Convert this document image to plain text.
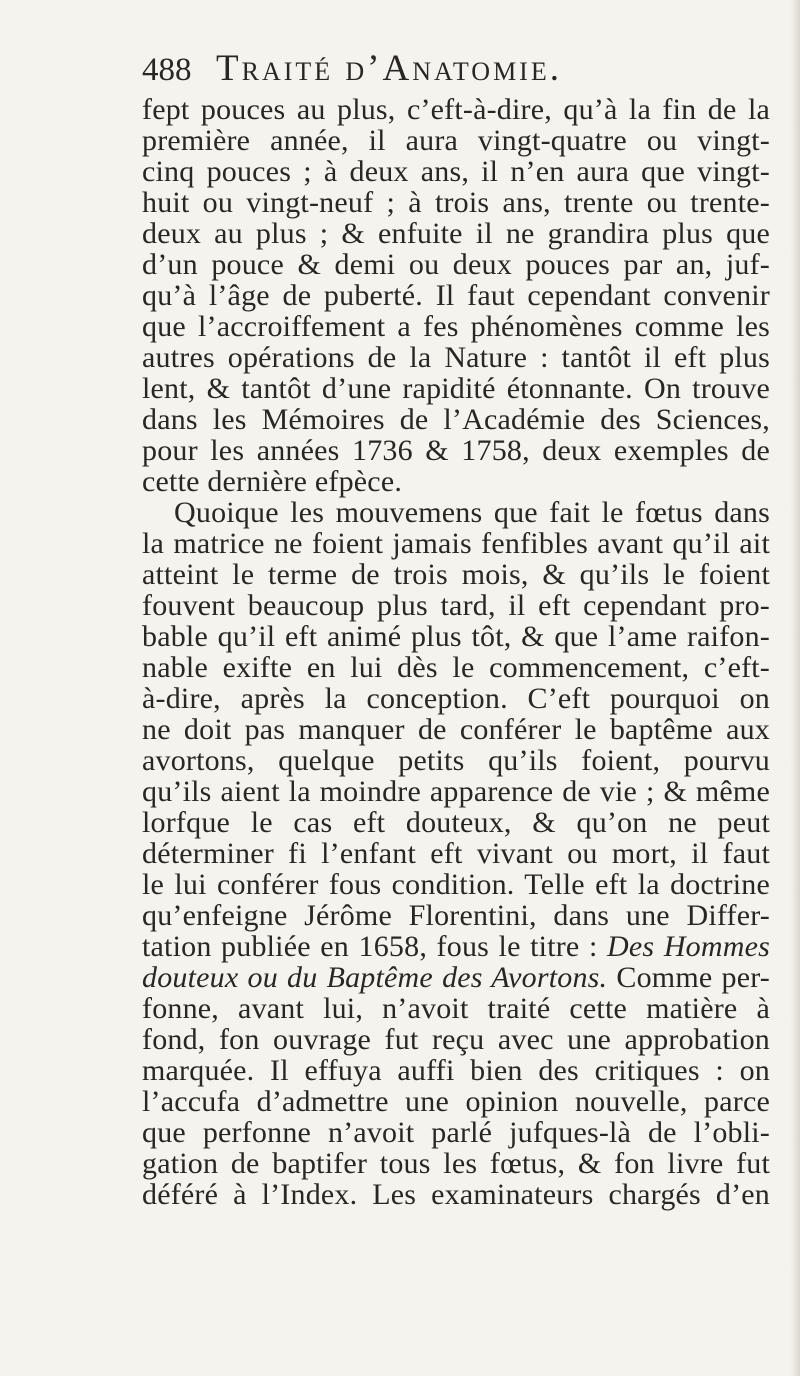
488 Traité d’Anatomie.
fept pouces au plus, c’eft-à-dire, qu’à la fin de la
première année, il aura vingt-quatre ou vingt-
cinq pouces ; à deux ans, il n’en aura que vingt-
huit ou vingt-neuf ; à trois ans, trente ou trente-
deux au plus ; & enfuite il ne grandira plus que
d’un pouce & demi ou deux pouces par an, juf-
qu’à l’âge de puberté. Il faut cependant convenir
que l’accroiffement a fes phénomènes comme les
autres opérations de la Nature : tantôt il eft plus
lent, & tantôt d’une rapidité étonnante. On trouve
dans les Mémoires de l’Académie des Sciences,
pour les années 1736 & 1758, deux exemples de
cette dernière efpèce.
Quoique les mouvemens que fait le fœtus dans
la matrice ne foient jamais fenfibles avant qu’il ait
atteint le terme de trois mois, & qu’ils le foient
fouvent beaucoup plus tard, il eft cependant pro-
bable qu’il eft animé plus tôt, & que l’ame raifon-
nable exifte en lui dès le commencement, c’eft-
à-dire, après la conception. C’eft pourquoi on
ne doit pas manquer de conférer le baptême aux
avortons, quelque petits qu’ils foient, pourvu
qu’ils aient la moindre apparence de vie ; & même
lorfque le cas eft douteux, & qu’on ne peut
déterminer fi l’enfant eft vivant ou mort, il faut
le lui conférer fous condition. Telle eft la doctrine
qu’enfeigne Jérôme Florentini, dans une Differ-
tation publiée en 1658, fous le titre : Des Hommes
douteux ou du Baptême des Avortons. Comme per-
fonne, avant lui, n’avoit traité cette matière à
fond, fon ouvrage fut reçu avec une approbation
marquée. Il effuya auffi bien des critiques : on
l’accufa d’admettre une opinion nouvelle, parce
que perfonne n’avoit parlé jufques-là de l’obli-
gation de baptifer tous les fœtus, & fon livre fut
déféré à l’Index. Les examinateurs chargés d’en
